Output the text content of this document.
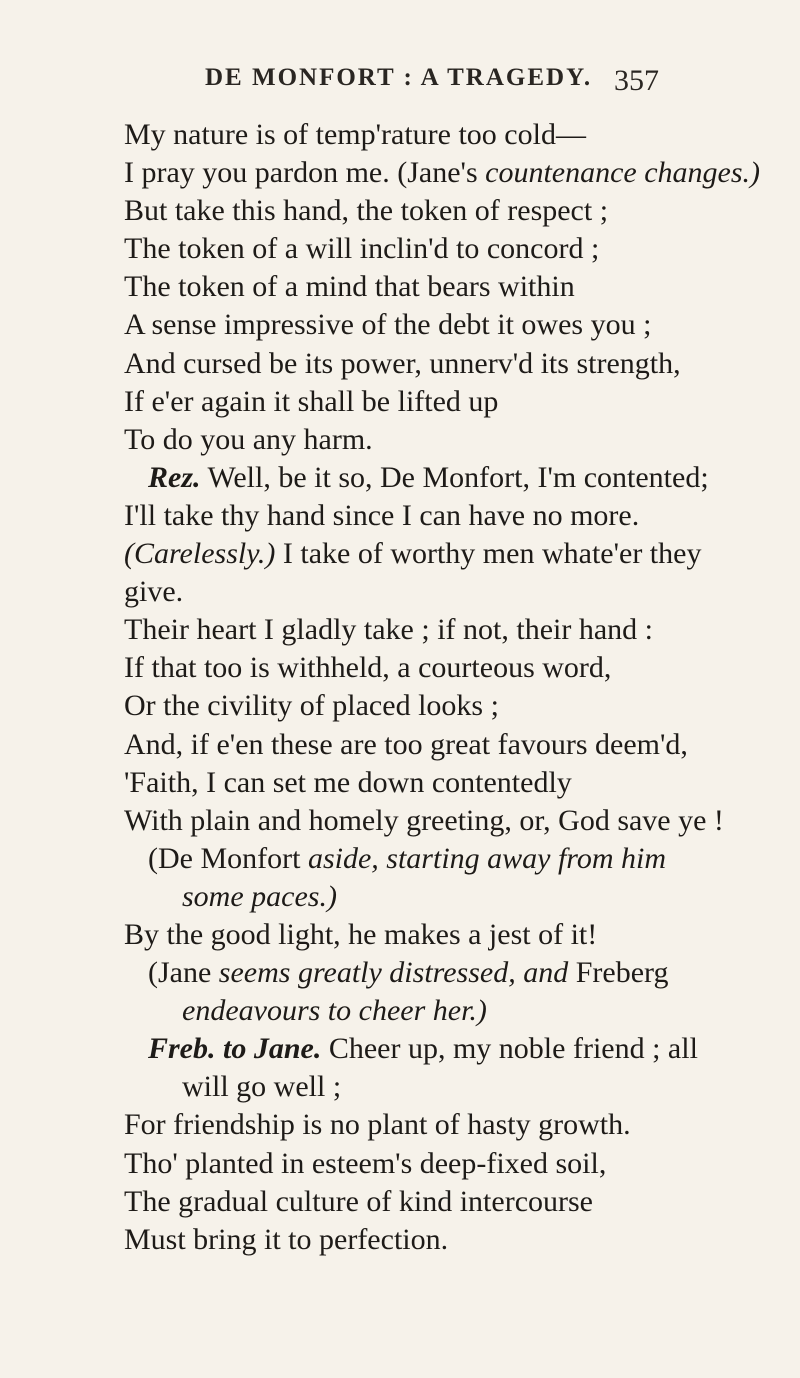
DE MONFORT : A TRAGEDY. 357
My nature is of temp'rature too cold—
I pray you pardon me. (Jane's countenance changes.)
But take this hand, the token of respect ;
The token of a will inclin'd to concord ;
The token of a mind that bears within
A sense impressive of the debt it owes you ;
And cursed be its power, unnerv'd its strength,
If e'er again it shall be lifted up
To do you any harm.
Rez. Well, be it so, De Monfort, I'm contented;
I'll take thy hand since I can have no more.
(Carelessly.) I take of worthy men whate'er they
give.
Their heart I gladly take ; if not, their hand :
If that too is withheld, a courteous word,
Or the civility of placed looks ;
And, if e'en these are too great favours deem'd,
'Faith, I can set me down contentedly
With plain and homely greeting, or, God save ye !
(De Monfort aside, starting away from him
some paces.)
By the good light, he makes a jest of it!
(Jane seems greatly distressed, and Freberg
endeavours to cheer her.)
Freb. to Jane. Cheer up, my noble friend ; all
will go well ;
For friendship is no plant of hasty growth.
Tho' planted in esteem's deep-fixed soil,
The gradual culture of kind intercourse
Must bring it to perfection.
